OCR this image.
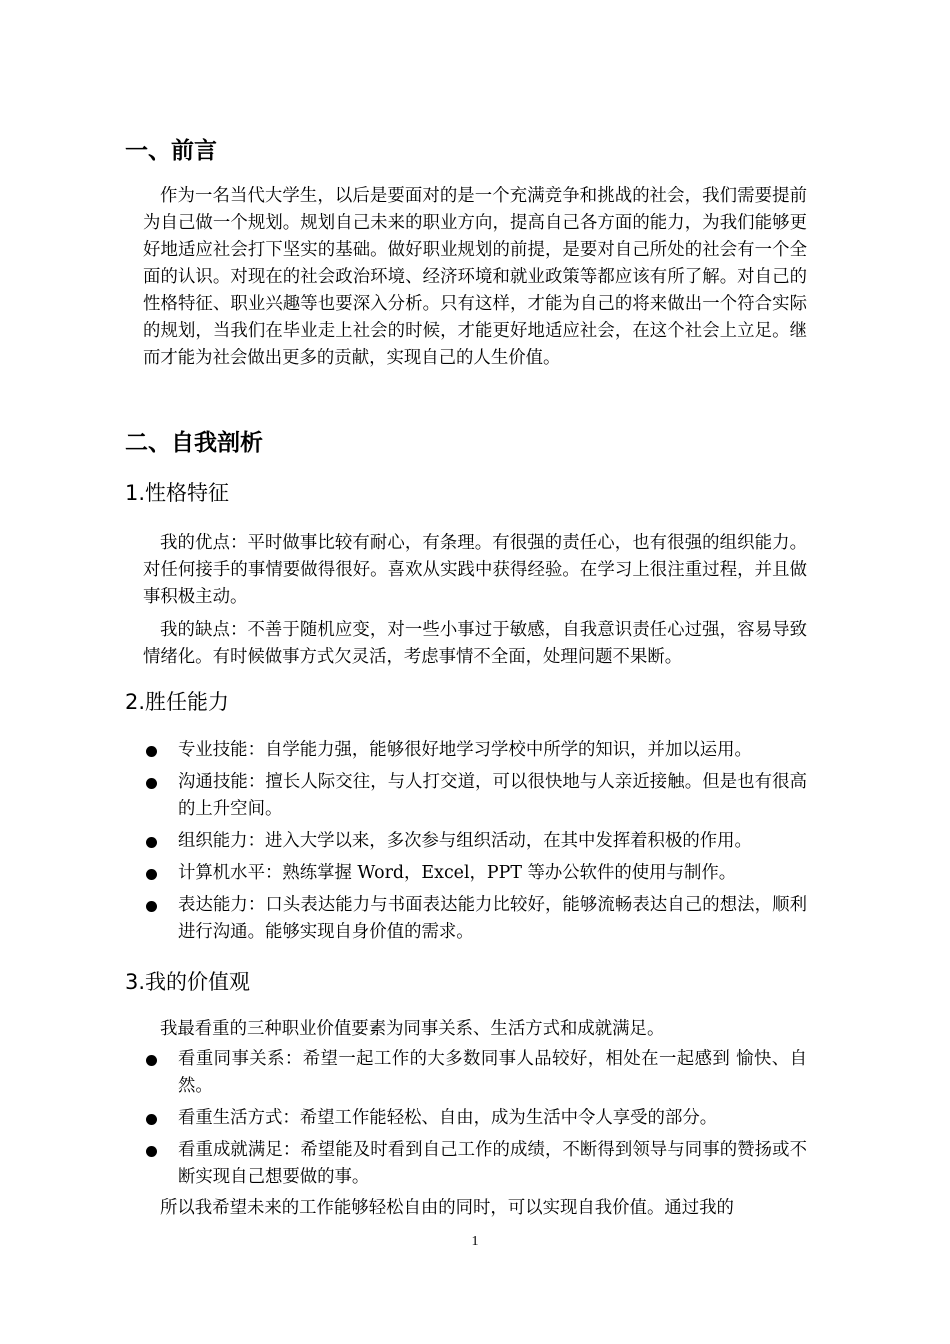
一、前言

作为一名当代大学生，以后是要面对的是一个充满竞争和挑战的社会，我们需要提前为自己做一个规划。规划自己未来的职业方向，提高自己各方面的能力，为我们能够更好地适应社会打下坚实的基础。做好职业规划的前提，是要对自己所处的社会有一个全面的认识。对现在的社会政治环境、经济环境和就业政策等都应该有所了解。对自己的性格特征、职业兴趣等也要深入分析。只有这样，才能为自己的将来做出一个符合实际的规划，当我们在毕业走上社会的时候，才能更好地适应社会，在这个社会上立足。继而才能为社会做出更多的贡献，实现自己的人生价值。

二、自我剖析
1.性格特征

我的优点：平时做事比较有耐心，有条理。有很强的责任心，也有很强的组织能力。对任何接手的事情要做得很好。喜欢从实践中获得经验。在学习上很注重过程，并且做事积极主动。

我的缺点：不善于随机应变，对一些小事过于敏感，自我意识责任心过强，容易导致情绪化。有时候做事方式欠灵活，考虑事情不全面，处理问题不果断。

2.胜任能力
专业技能：自学能力强，能够很好地学习学校中所学的知识，并加以运用。
沟通技能：擅长人际交往，与人打交道，可以很快地与人亲近接触。但是也有很高的上升空间。
组织能力：进入大学以来，多次参与组织活动，在其中发挥着积极的作用。
计算机水平：熟练掌握 Word，Excel，PPT 等办公软件的使用与制作。
表达能力：口头表达能力与书面表达能力比较好，能够流畅表达自己的想法，顺利进行沟通。能够实现自身价值的需求。
3.我的价值观

我最看重的三种职业价值要素为同事关系、生活方式和成就满足。

看重同事关系：希望一起工作的大多数同事人品较好，相处在一起感到 愉快、自然。
看重生活方式：希望工作能轻松、自由，成为生活中令人享受的部分。
看重成就满足：希望能及时看到自己工作的成绩，不断得到领导与同事的赞扬或不断实现自己想要做的事。

所以我希望未来的工作能够轻松自由的同时，可以实现自我价值。通过我的

1
